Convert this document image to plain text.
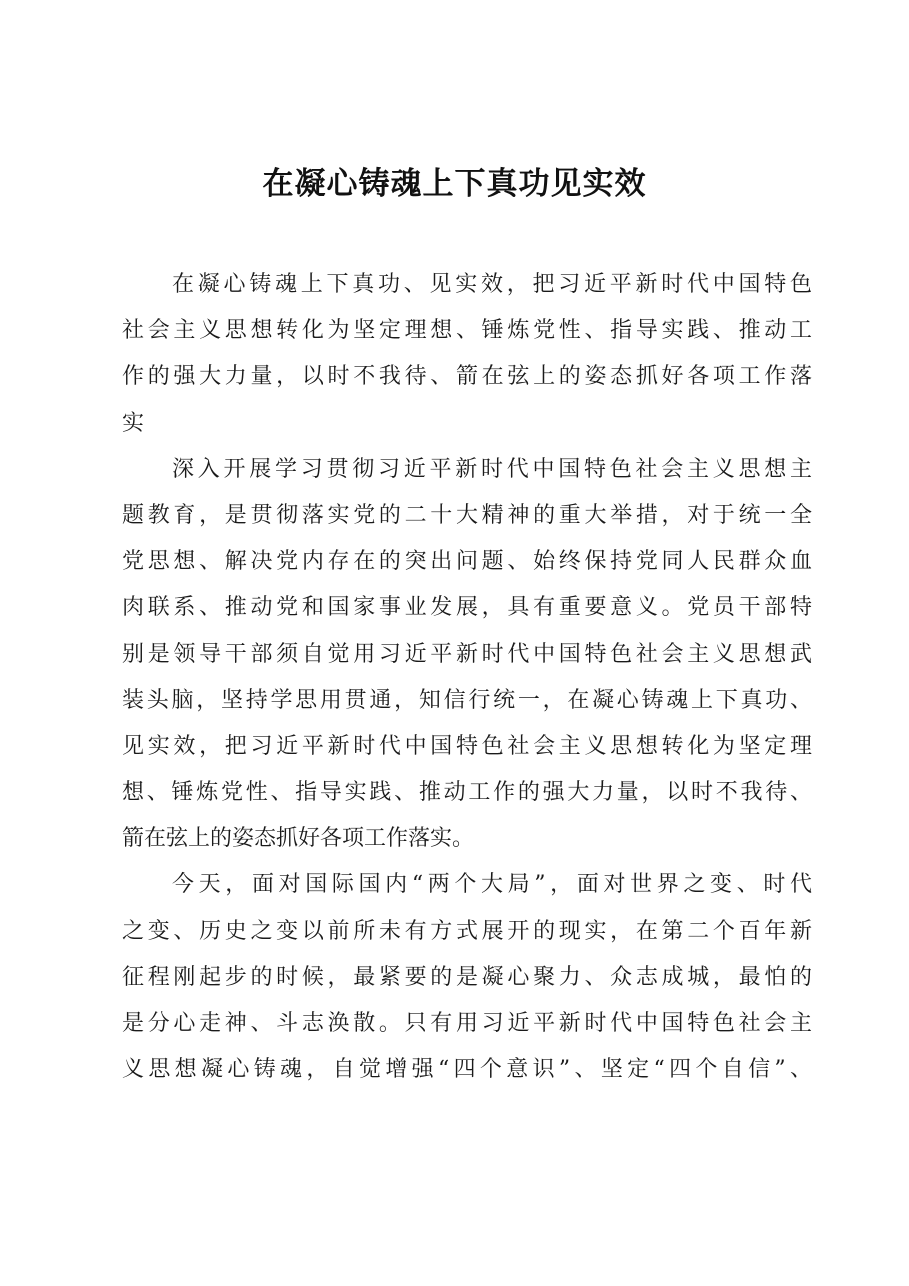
在凝心铸魂上下真功见实效
在凝心铸魂上下真功、见实效，把习近平新时代中国特色
社会主义思想转化为坚定理想、锤炼党性、指导实践、推动工
作的强大力量，以时不我待、箭在弦上的姿态抓好各项工作落
实
深入开展学习贯彻习近平新时代中国特色社会主义思想主
题教育，是贯彻落实党的二十大精神的重大举措，对于统一全
党思想、解决党内存在的突出问题、始终保持党同人民群众血
肉联系、推动党和国家事业发展，具有重要意义。党员干部特
别是领导干部须自觉用习近平新时代中国特色社会主义思想武
装头脑，坚持学思用贯通，知信行统一，在凝心铸魂上下真功、
见实效，把习近平新时代中国特色社会主义思想转化为坚定理
想、锤炼党性、指导实践、推动工作的强大力量，以时不我待、
箭在弦上的姿态抓好各项工作落实。
今天，面对国际国内“两个大局”，面对世界之变、时代
之变、历史之变以前所未有方式展开的现实，在第二个百年新
征程刚起步的时候，最紧要的是凝心聚力、众志成城，最怕的
是分心走神、斗志涣散。只有用习近平新时代中国特色社会主
义思想凝心铸魂，自觉增强“四个意识”、坚定“四个自信”、
